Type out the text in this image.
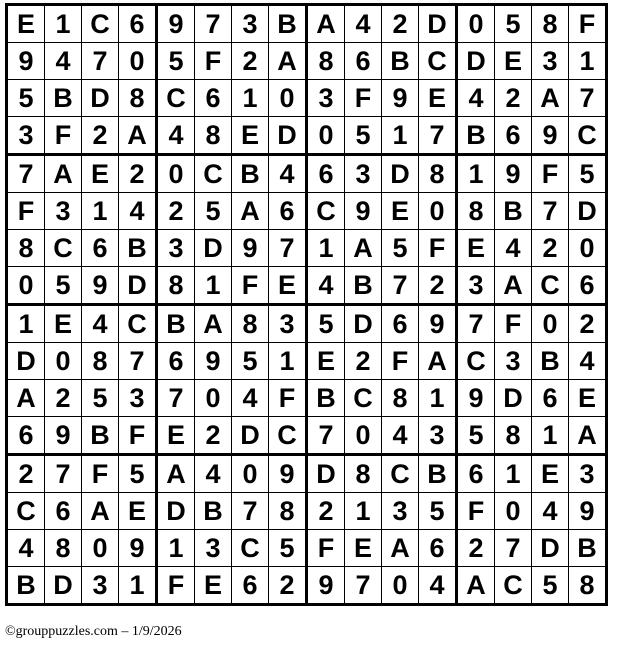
E	1	C	6	9	7	3	B	A	4	2	D	0	5	8	F
9	4	7	0	5	F	2	A	8	6	B	C	D	E	3	1
5	B	D	8	C	6	1	0	3	F	9	E	4	2	A	7
3	F	2	A	4	8	E	D	0	5	1	7	B	6	9	C
7	A	E	2	0	C	B	4	6	3	D	8	1	9	F	5
F	3	1	4	2	5	A	6	C	9	E	0	8	B	7	D
8	C	6	B	3	D	9	7	1	A	5	F	E	4	2	0
0	5	9	D	8	1	F	E	4	B	7	2	3	A	C	6
1	E	4	C	B	A	8	3	5	D	6	9	7	F	0	2
D	0	8	7	6	9	5	1	E	2	F	A	C	3	B	4
A	2	5	3	7	0	4	F	B	C	8	1	9	D	6	E
6	9	B	F	E	2	D	C	7	0	4	3	5	8	1	A
2	7	F	5	A	4	0	9	D	8	C	B	6	1	E	3
C	6	A	E	D	B	7	8	2	1	3	5	F	0	4	9
4	8	0	9	1	3	C	5	F	E	A	6	2	7	D	B
B	D	3	1	F	E	6	2	9	7	0	4	A	C	5	8
©grouppuzzles.com – 1/9/2026
